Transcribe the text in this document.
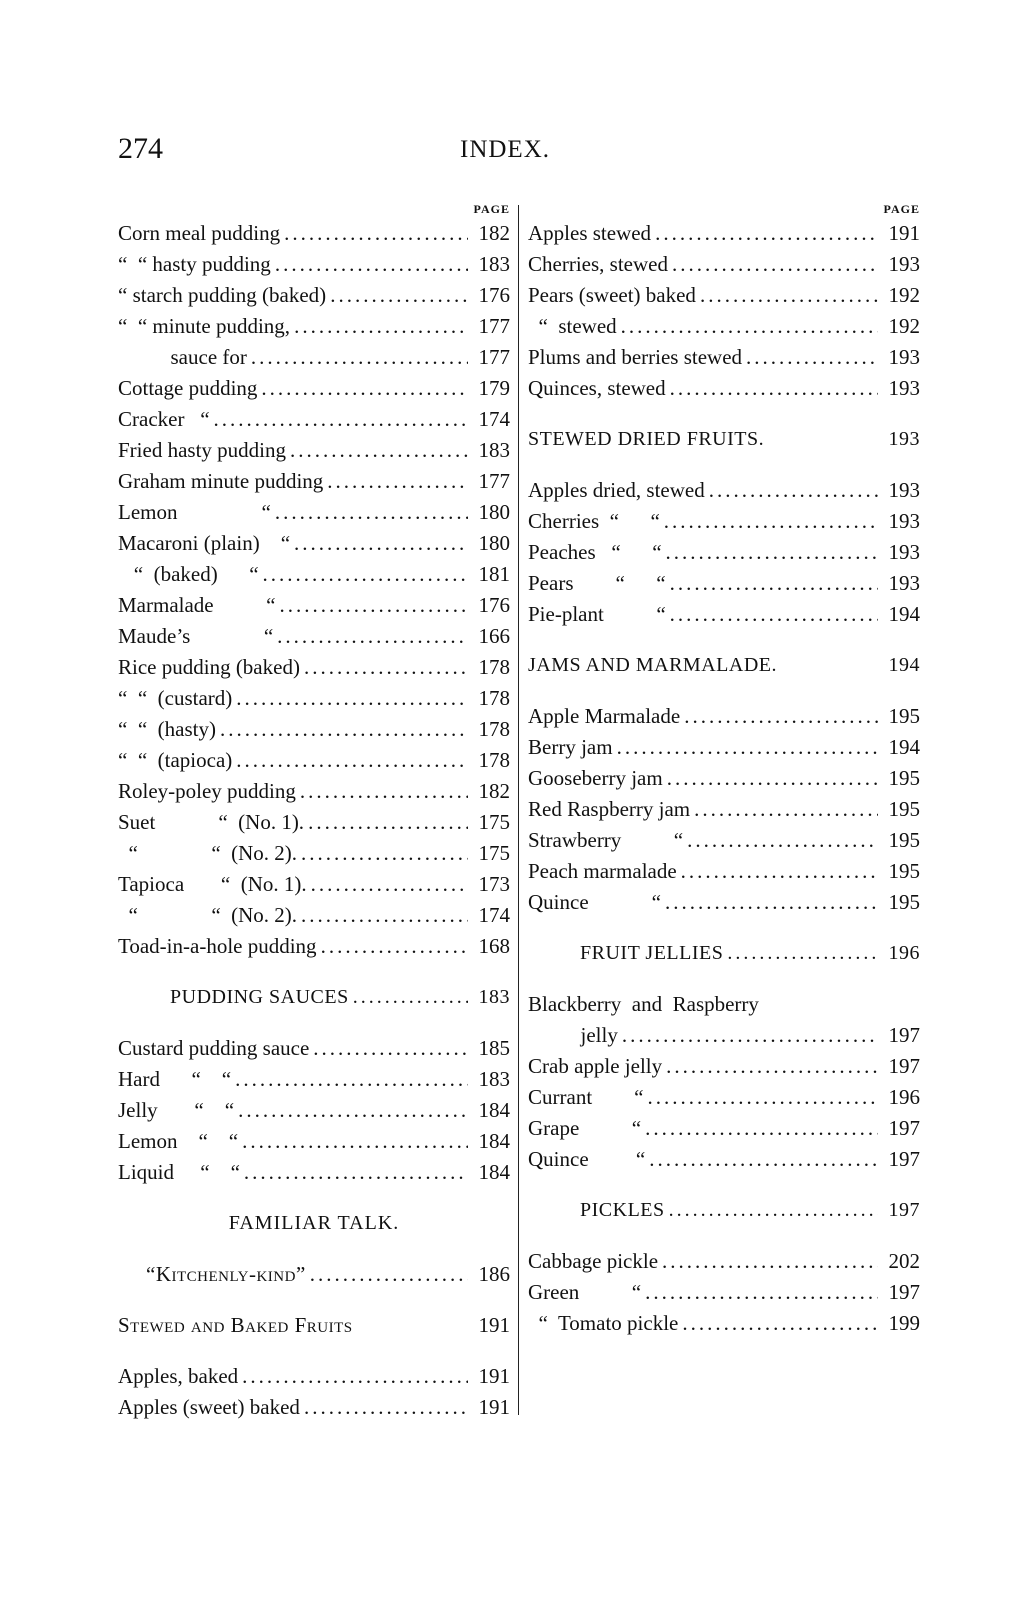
274	INDEX.
PAGE
Corn meal pudding .....	182
“  “ hasty pudding .....	183
“ starch pudding (baked) .....	176
“  “ minute pudding, .....	177
sauce for .....	177
Cottage pudding .....	179
Cracker   “ .....	174
Fried hasty pudding .....	183
Graham minute pudding .....	177
Lemon                “ .....	180
Macaroni (plain)    “ .....	180
“  (baked)      “ .....	181
Marmalade          “ .....	176
Maude’s              “ .....	166
Rice pudding (baked) .....	178
“  “  (custard) .....	178
“  “  (hasty) .....	178
“  “  (tapioca) .....	178
Roley-poley pudding .....	182
Suet            “  (No. 1). .....	175
“              “  (No. 2). .....	175
Tapioca       “  (No. 1). .....	173
“              “  (No. 2). .....	174
Toad-in-a-hole pudding .....	168
PUDDING SAUCES .....	183
Custard pudding sauce .....	185
Hard      “    “ .....	183
Jelly       “    “ .....	184
Lemon    “    “ .....	184
Liquid     “    “ .....	184
FAMILIAR TALK.
“Kitchenly-kind” .....	186
Stewed and Baked Fruits	191
Apples, baked .....	191
Apples (sweet) baked .....	191
PAGE
Apples stewed .....	191
Cherries, stewed .....	193
Pears (sweet) baked .....	192
“  stewed .....	192
Plums and berries stewed .....	193
Quinces, stewed .....	193
STEWED DRIED FRUITS.	193
Apples dried, stewed .....	193
Cherries  “      “ .....	193
Peaches   “      “ .....	193
Pears        “      “ .....	193
Pie-plant          “ .....	194
JAMS AND MARMALADE.	194
Apple Marmalade .....	195
Berry jam .....	194
Gooseberry jam .....	195
Red Raspberry jam .....	195
Strawberry          “ .....	195
Peach marmalade .....	195
Quince            “ .....	195
FRUIT JELLIES .....	196
Blackberry  and  Raspberry
jelly .....	197
Crab apple jelly .....	197
Currant        “ .....	196
Grape          “ .....	197
Quince         “ .....	197
PICKLES .....	197
Cabbage pickle .....	202
Green          “ .....	197
“  Tomato pickle .....	199
